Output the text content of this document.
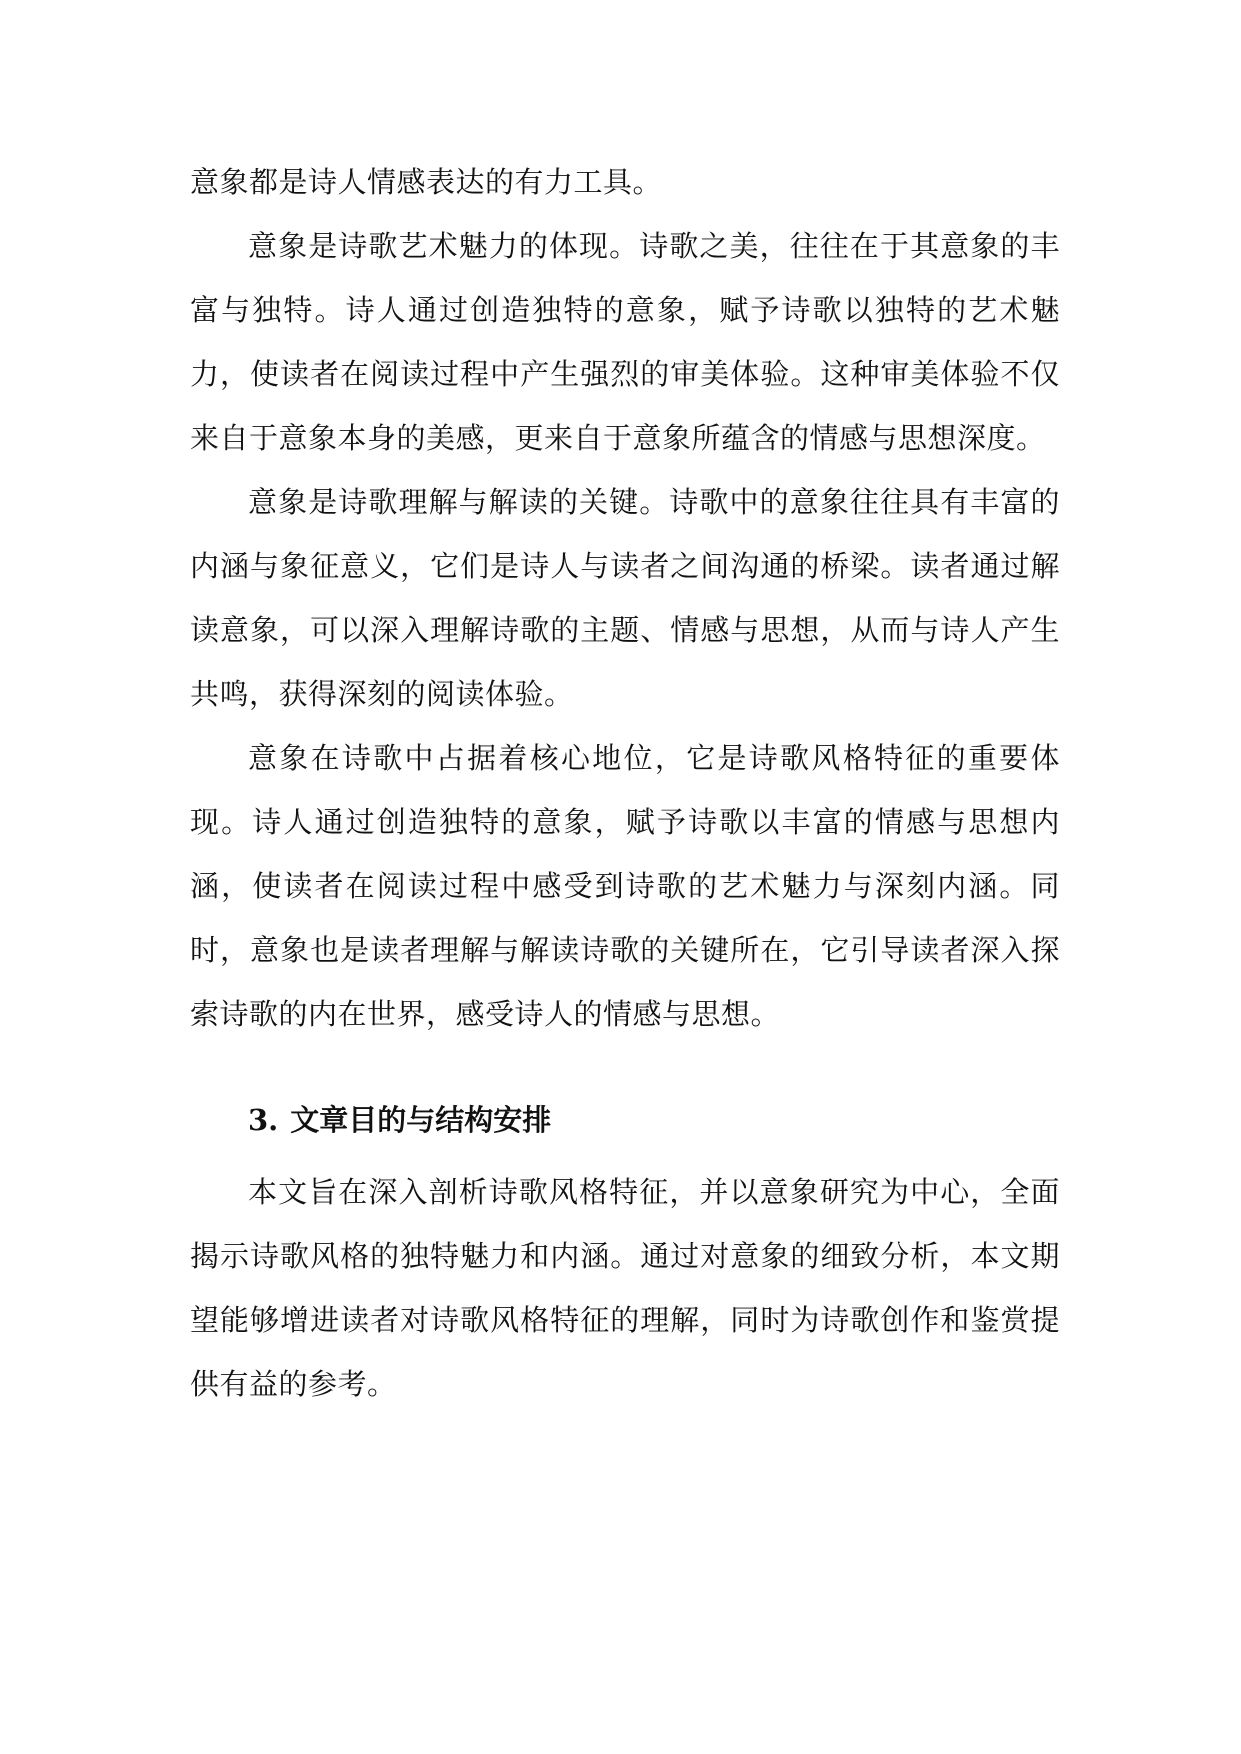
意象都是诗人情感表达的有力工具。

意象是诗歌艺术魅力的体现。诗歌之美，往往在于其意象的丰富与独特。诗人通过创造独特的意象，赋予诗歌以独特的艺术魅力，使读者在阅读过程中产生强烈的审美体验。这种审美体验不仅来自于意象本身的美感，更来自于意象所蕴含的情感与思想深度。

意象是诗歌理解与解读的关键。诗歌中的意象往往具有丰富的内涵与象征意义，它们是诗人与读者之间沟通的桥梁。读者通过解读意象，可以深入理解诗歌的主题、情感与思想，从而与诗人产生共鸣，获得深刻的阅读体验。

意象在诗歌中占据着核心地位，它是诗歌风格特征的重要体现。诗人通过创造独特的意象，赋予诗歌以丰富的情感与思想内涵，使读者在阅读过程中感受到诗歌的艺术魅力与深刻内涵。同时，意象也是读者理解与解读诗歌的关键所在，它引导读者深入探索诗歌的内在世界，感受诗人的情感与思想。

3. 文章目的与结构安排

本文旨在深入剖析诗歌风格特征，并以意象研究为中心，全面揭示诗歌风格的独特魅力和内涵。通过对意象的细致分析，本文期望能够增进读者对诗歌风格特征的理解，同时为诗歌创作和鉴赏提供有益的参考。
